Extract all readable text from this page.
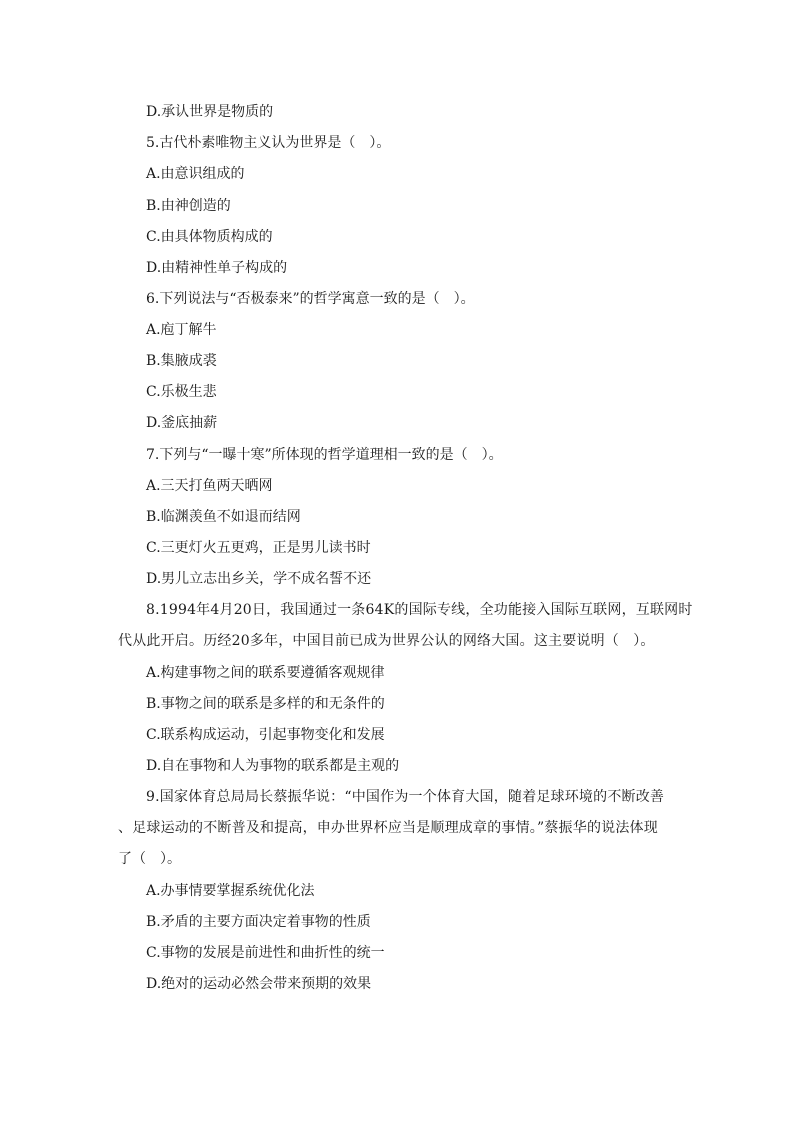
D.承认世界是物质的
5.古代朴素唯物主义认为世界是（　）。
A.由意识组成的
B.由神创造的
C.由具体物质构成的
D.由精神性单子构成的
6.下列说法与“否极泰来”的哲学寓意一致的是（　）。
A.庖丁解牛
B.集腋成裘
C.乐极生悲
D.釜底抽薪
7.下列与“一曝十寒”所体现的哲学道理相一致的是（　）。
A.三天打鱼两天晒网
B.临渊羡鱼不如退而结网
C.三更灯火五更鸡，正是男儿读书时
D.男儿立志出乡关，学不成名誓不还
8.1994年4月20日，我国通过一条64K的国际专线，全功能接入国际互联网，互联网时
代从此开启。历经20多年，中国目前已成为世界公认的网络大国。这主要说明（　）。
A.构建事物之间的联系要遵循客观规律
B.事物之间的联系是多样的和无条件的
C.联系构成运动，引起事物变化和发展
D.自在事物和人为事物的联系都是主观的
9.国家体育总局局长蔡振华说：“中国作为一个体育大国，随着足球环境的不断改善
、足球运动的不断普及和提高，申办世界杯应当是顺理成章的事情。”蔡振华的说法体现
了（　）。
A.办事情要掌握系统优化法
B.矛盾的主要方面决定着事物的性质
C.事物的发展是前进性和曲折性的统一
D.绝对的运动必然会带来预期的效果
